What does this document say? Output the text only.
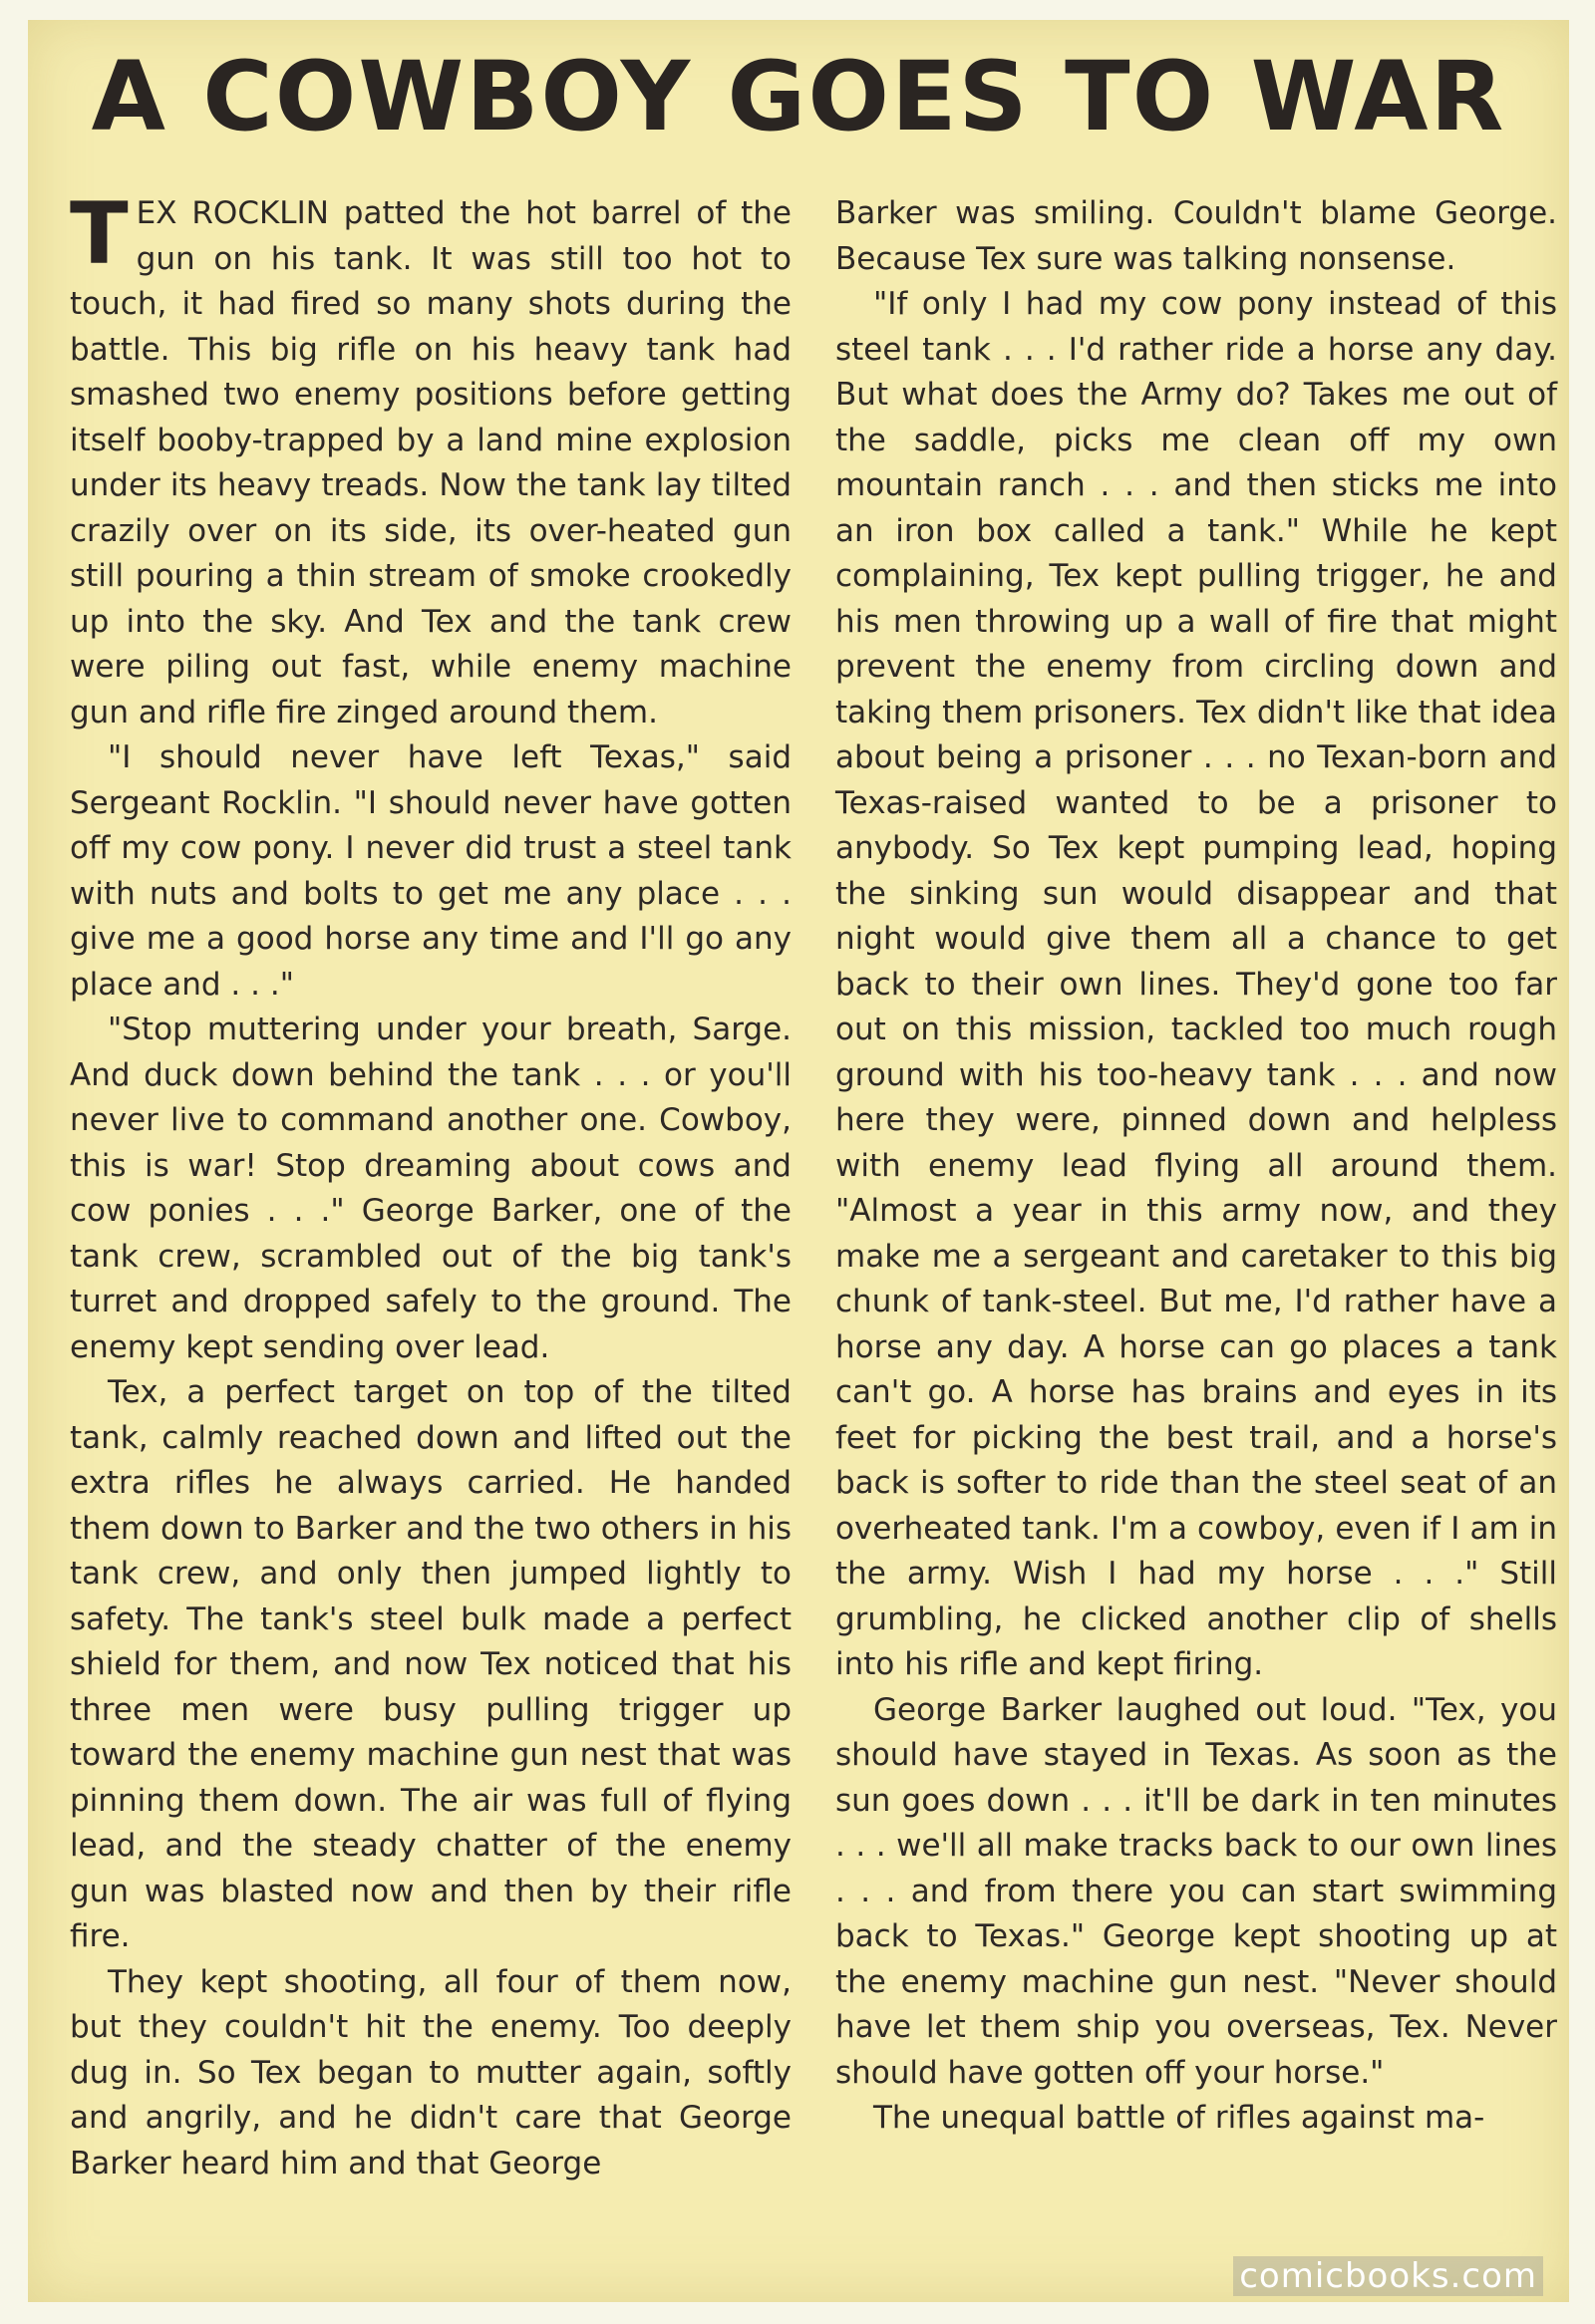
A COWBOY GOES TO WAR

TEX ROCKLIN patted the hot barrel of the gun on his tank. It was still too hot to touch, it had fired so many shots during the battle. This big rifle on his heavy tank had smashed two enemy positions before getting itself booby-trapped by a land mine explosion under its heavy treads. Now the tank lay tilted crazily over on its side, its over-heated gun still pouring a thin stream of smoke crookedly up into the sky. And Tex and the tank crew were piling out fast, while enemy machine gun and rifle fire zinged around them.

"I should never have left Texas," said Sergeant Rocklin. "I should never have gotten off my cow pony. I never did trust a steel tank with nuts and bolts to get me any place . . . give me a good horse any time and I'll go any place and . . ."

"Stop muttering under your breath, Sarge. And duck down behind the tank . . . or you'll never live to command another one. Cowboy, this is war! Stop dreaming about cows and cow ponies . . ." George Barker, one of the tank crew, scrambled out of the big tank's turret and dropped safely to the ground. The enemy kept sending over lead.

Tex, a perfect target on top of the tilted tank, calmly reached down and lifted out the extra rifles he always carried. He handed them down to Barker and the two others in his tank crew, and only then jumped lightly to safety. The tank's steel bulk made a perfect shield for them, and now Tex noticed that his three men were busy pulling trigger up toward the enemy machine gun nest that was pinning them down. The air was full of flying lead, and the steady chatter of the enemy gun was blasted now and then by their rifle fire.

They kept shooting, all four of them now, but they couldn't hit the enemy. Too deeply dug in. So Tex began to mutter again, softly and angrily, and he didn't care that George Barker heard him and that George

Barker was smiling. Couldn't blame George. Because Tex sure was talking nonsense.

"If only I had my cow pony instead of this steel tank . . . I'd rather ride a horse any day. But what does the Army do? Takes me out of the saddle, picks me clean off my own mountain ranch . . . and then sticks me into an iron box called a tank." While he kept complaining, Tex kept pulling trigger, he and his men throwing up a wall of fire that might prevent the enemy from circling down and taking them prisoners. Tex didn't like that idea about being a prisoner . . . no Texan-born and Texas-raised wanted to be a prisoner to anybody. So Tex kept pumping lead, hoping the sinking sun would disappear and that night would give them all a chance to get back to their own lines. They'd gone too far out on this mission, tackled too much rough ground with his too-heavy tank . . . and now here they were, pinned down and helpless with enemy lead flying all around them. "Almost a year in this army now, and they make me a sergeant and caretaker to this big chunk of tank-steel. But me, I'd rather have a horse any day. A horse can go places a tank can't go. A horse has brains and eyes in its feet for picking the best trail, and a horse's back is softer to ride than the steel seat of an overheated tank. I'm a cowboy, even if I am in the army. Wish I had my horse . . ." Still grumbling, he clicked another clip of shells into his rifle and kept firing.

George Barker laughed out loud. "Tex, you should have stayed in Texas. As soon as the sun goes down . . . it'll be dark in ten minutes . . . we'll all make tracks back to our own lines . . . and from there you can start swimming back to Texas." George kept shooting up at the enemy machine gun nest. "Never should have let them ship you overseas, Tex. Never should have gotten off your horse."

The unequal battle of rifles against ma-

comicbooks.com
